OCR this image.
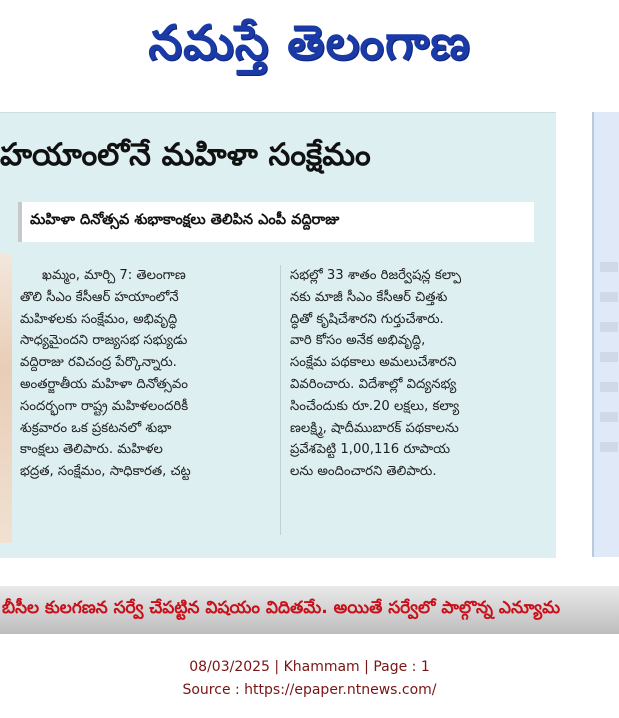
నమస్తే తెలంగాణ
హయాంలోనే మహిళా సంక్షేమం
మహిళా దినోత్సవ శుభాకాంక్షలు తెలిపిన ఎంపీ వద్దిరాజు
ఖమ్మం, మార్చి 7: తెలంగాణ
తొలి సీఎం కేసీఆర్ హయాంలోనే
మహిళలకు సంక్షేమం, అభివృద్ధి
సాధ్యమైందని రాజ్యసభ సభ్యుడు
వద్దిరాజు రవిచంద్ర పేర్కొన్నారు.
అంతర్జాతీయ మహిళా దినోత్సవం
సందర్భంగా రాష్ట్ర మహిళలందరికీ
శుక్రవారం ఒక ప్రకటనలో శుభా
కాంక్షలు తెలిపారు. మహిళల
భద్రత, సంక్షేమం, సాధికారత, చట్ట
సభల్లో 33 శాతం రిజర్వేషన్ల కల్పా
నకు మాజీ సీఎం కేసీఆర్ చిత్తశు
ద్ధితో కృషిచేశారని గుర్తుచేశారు.
వారి కోసం అనేక అభివృద్ధి,
సంక్షేమ పథకాలు అమలుచేశారని
వివరించారు. విదేశాల్లో విద్యనభ్య
సించేందుకు రూ.20 లక్షలు, కల్యా
ణలక్ష్మి, షాదీముబారక్ పథకాలను
ప్రవేశపెట్టి 1,00,116 రూపాయ
లను అందించారని తెలిపారు.
బీసీల కులగణన సర్వే చేపట్టిన విషయం విదితమే. అయితే సర్వేలో పాల్గొన్న ఎన్యూమ
08/03/2025 | Khammam | Page : 1
Source : https://epaper.ntnews.com/
